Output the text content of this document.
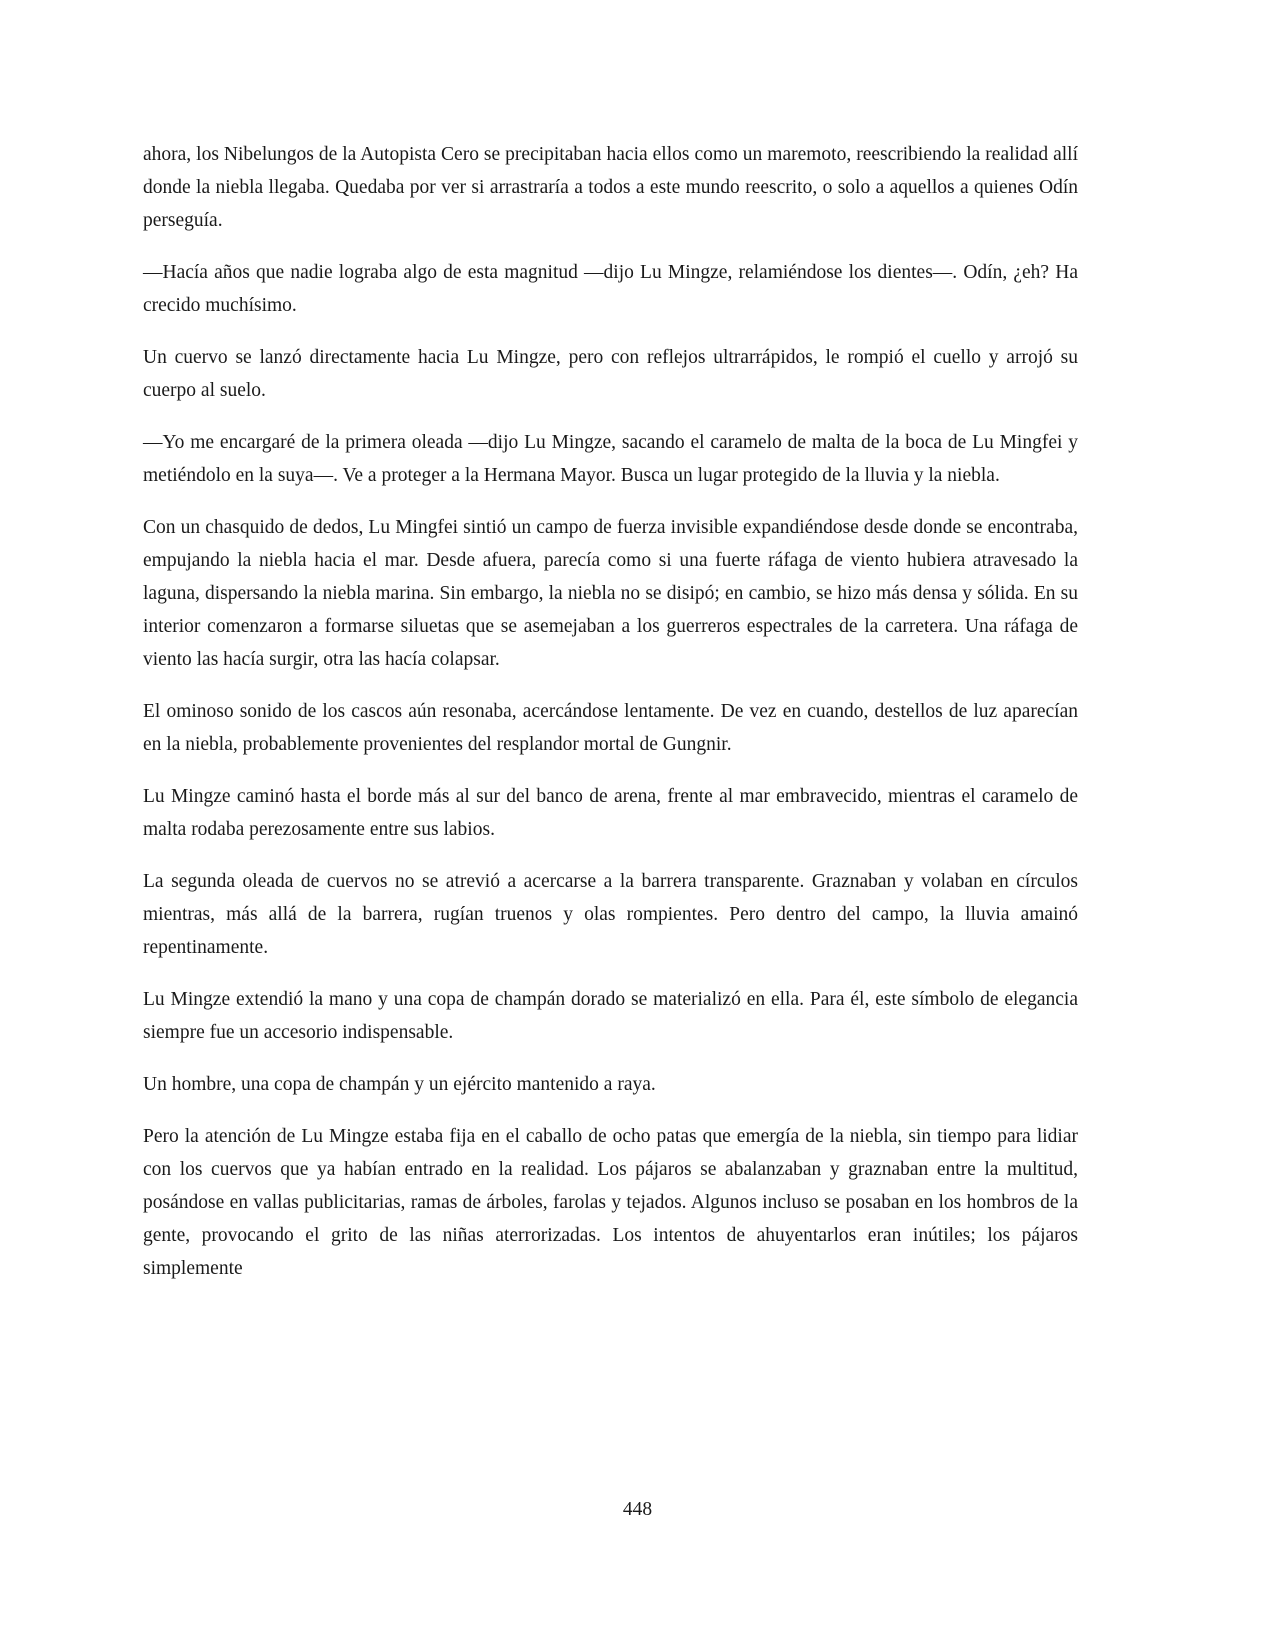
ahora, los Nibelungos de la Autopista Cero se precipitaban hacia ellos como un maremoto, reescribiendo la realidad allí donde la niebla llegaba. Quedaba por ver si arrastraría a todos a este mundo reescrito, o solo a aquellos a quienes Odín perseguía.

—Hacía años que nadie lograba algo de esta magnitud —dijo Lu Mingze, relamiéndose los dientes—. Odín, ¿eh? Ha crecido muchísimo.

Un cuervo se lanzó directamente hacia Lu Mingze, pero con reflejos ultrarrápidos, le rompió el cuello y arrojó su cuerpo al suelo.

—Yo me encargaré de la primera oleada —dijo Lu Mingze, sacando el caramelo de malta de la boca de Lu Mingfei y metiéndolo en la suya—. Ve a proteger a la Hermana Mayor. Busca un lugar protegido de la lluvia y la niebla.

Con un chasquido de dedos, Lu Mingfei sintió un campo de fuerza invisible expandiéndose desde donde se encontraba, empujando la niebla hacia el mar. Desde afuera, parecía como si una fuerte ráfaga de viento hubiera atravesado la laguna, dispersando la niebla marina. Sin embargo, la niebla no se disipó; en cambio, se hizo más densa y sólida. En su interior comenzaron a formarse siluetas que se asemejaban a los guerreros espectrales de la carretera. Una ráfaga de viento las hacía surgir, otra las hacía colapsar.

El ominoso sonido de los cascos aún resonaba, acercándose lentamente. De vez en cuando, destellos de luz aparecían en la niebla, probablemente provenientes del resplandor mortal de Gungnir.

Lu Mingze caminó hasta el borde más al sur del banco de arena, frente al mar embravecido, mientras el caramelo de malta rodaba perezosamente entre sus labios.

La segunda oleada de cuervos no se atrevió a acercarse a la barrera transparente. Graznaban y volaban en círculos mientras, más allá de la barrera, rugían truenos y olas rompientes. Pero dentro del campo, la lluvia amainó repentinamente.

Lu Mingze extendió la mano y una copa de champán dorado se materializó en ella. Para él, este símbolo de elegancia siempre fue un accesorio indispensable.

Un hombre, una copa de champán y un ejército mantenido a raya.

Pero la atención de Lu Mingze estaba fija en el caballo de ocho patas que emergía de la niebla, sin tiempo para lidiar con los cuervos que ya habían entrado en la realidad. Los pájaros se abalanzaban y graznaban entre la multitud, posándose en vallas publicitarias, ramas de árboles, farolas y tejados. Algunos incluso se posaban en los hombros de la gente, provocando el grito de las niñas aterrorizadas. Los intentos de ahuyentarlos eran inútiles; los pájaros simplemente

448
